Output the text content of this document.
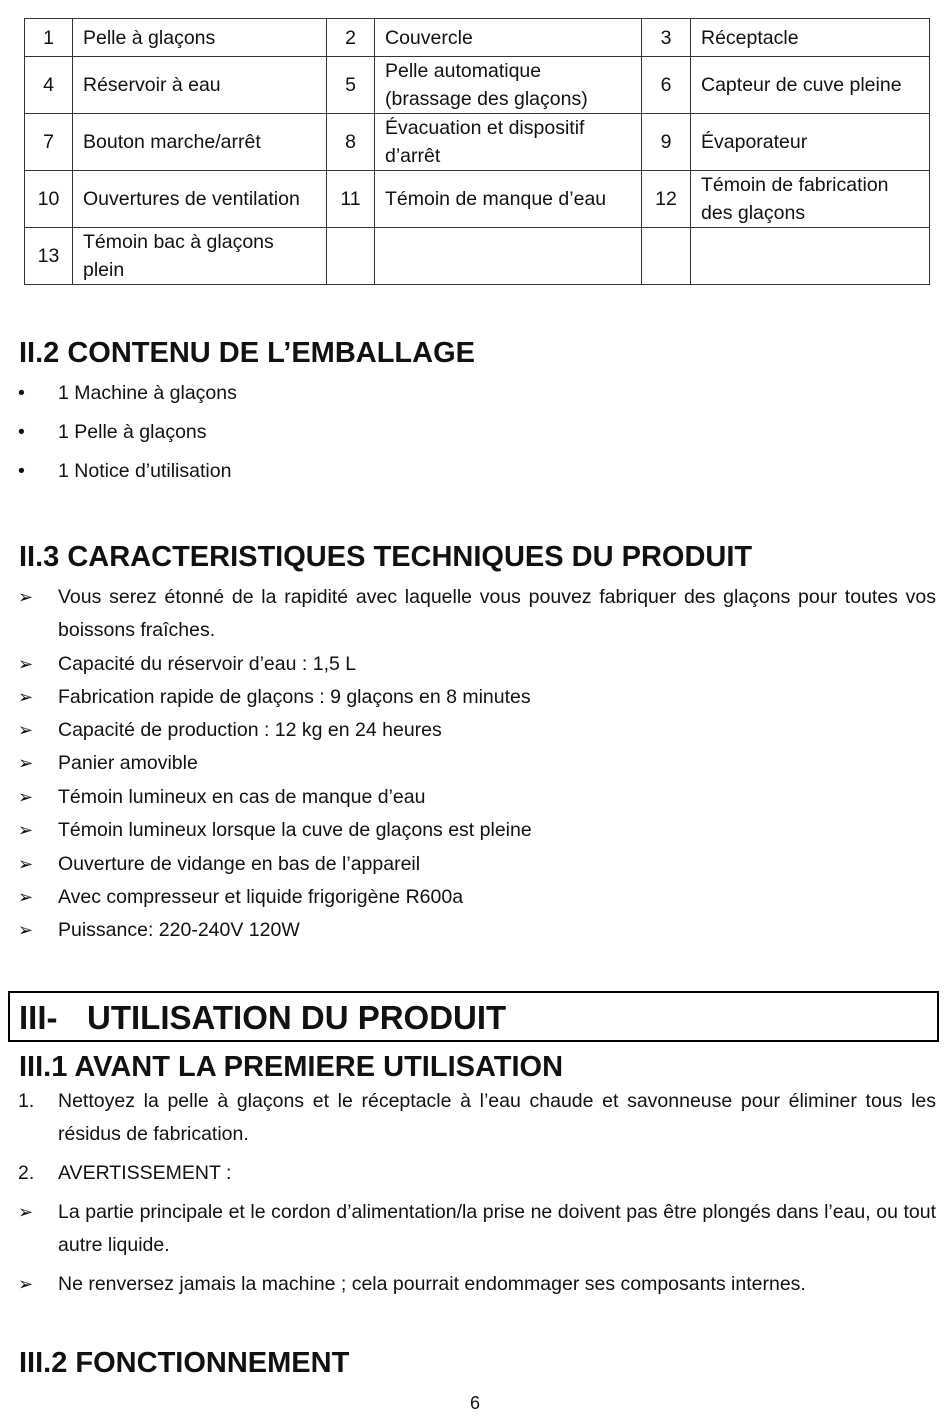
1	Pelle à glaçons	2	Couvercle	3	Réceptacle
4	Réservoir à eau	5	Pelle automatique (brassage des glaçons)	6	Capteur de cuve pleine
7	Bouton marche/arrêt	8	Évacuation et dispositif d’arrêt	9	Évaporateur
10	Ouvertures de ventilation	11	Témoin de manque d’eau	12	Témoin de fabrication des glaçons
13	Témoin bac à glaçons plein				
II.2 CONTENU DE L’EMBALLAGE
• 1 Machine à glaçons
• 1 Pelle à glaçons
• 1 Notice d’utilisation
II.3 CARACTERISTIQUES TECHNIQUES DU PRODUIT
➢ Vous serez étonné de la rapidité avec laquelle vous pouvez fabriquer des glaçons pour toutes vos boissons fraîches.
➢ Capacité du réservoir d’eau : 1,5 L
➢ Fabrication rapide de glaçons : 9 glaçons en 8 minutes
➢ Capacité de production : 12 kg en 24 heures
➢ Panier amovible
➢ Témoin lumineux en cas de manque d’eau
➢ Témoin lumineux lorsque la cuve de glaçons est pleine
➢ Ouverture de vidange en bas de l’appareil
➢ Avec compresseur et liquide frigorigène R600a
➢ Puissance: 220-240V 120W
III- UTILISATION DU PRODUIT
III.1 AVANT LA PREMIERE UTILISATION
1. Nettoyez la pelle à glaçons et le réceptacle à l’eau chaude et savonneuse pour éliminer tous les résidus de fabrication.
2. AVERTISSEMENT :
➢ La partie principale et le cordon d’alimentation/la prise ne doivent pas être plongés dans l’eau, ou tout autre liquide.
➢ Ne renversez jamais la machine ; cela pourrait endommager ses composants internes.
III.2 FONCTIONNEMENT
6
